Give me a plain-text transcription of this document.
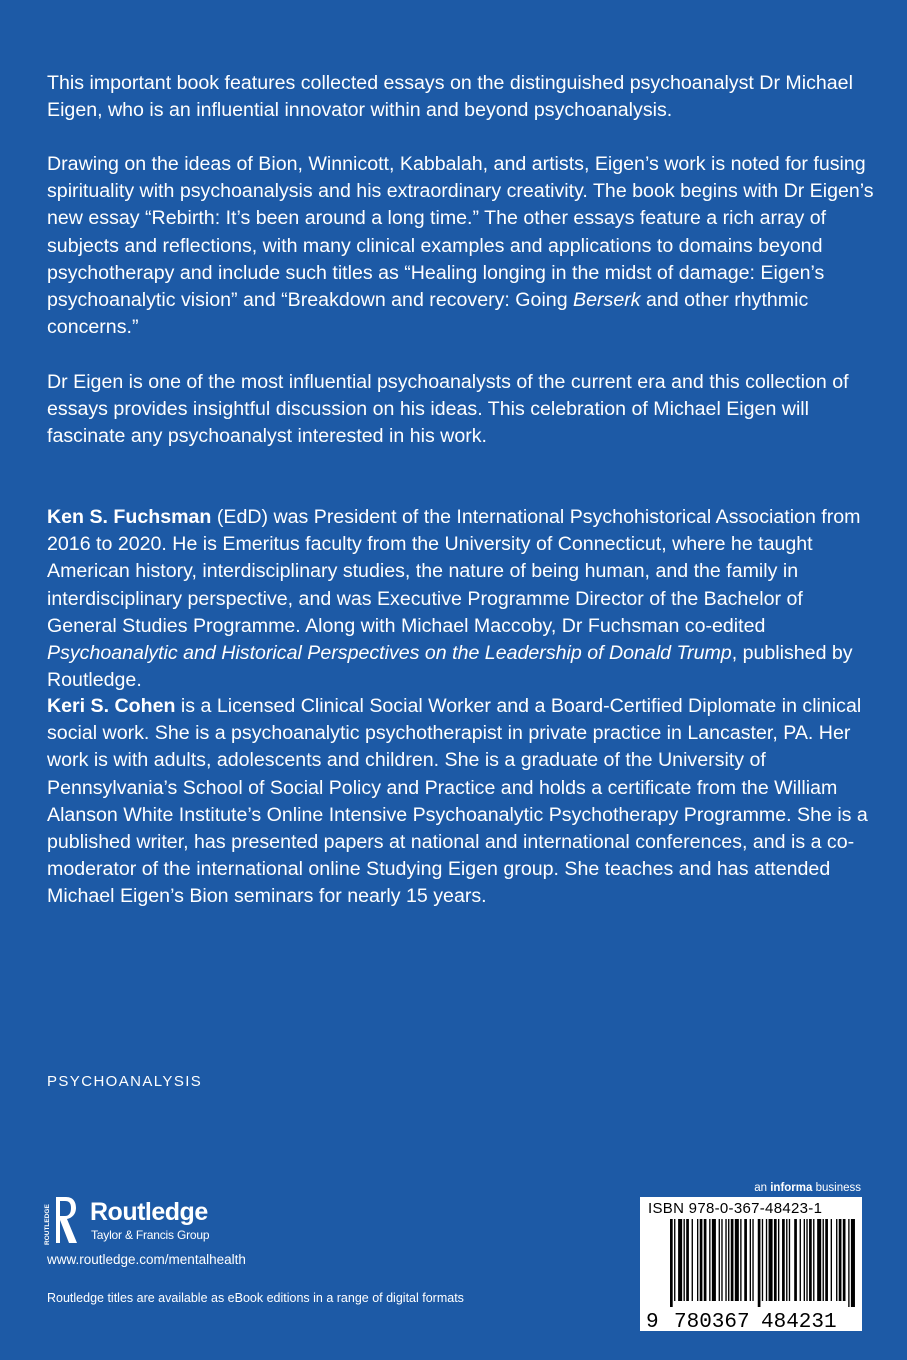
This important book features collected essays on the distinguished psychoanalyst Dr Michael Eigen, who is an influential innovator within and beyond psychoanalysis.

Drawing on the ideas of Bion, Winnicott, Kabbalah, and artists, Eigen’s work is noted for fusing spirituality with psychoanalysis and his extraordinary creativity. The book begins with Dr Eigen’s new essay “Rebirth: It’s been around a long time.” The other essays feature a rich array of subjects and reflections, with many clinical examples and applications to domains beyond psychotherapy and include such titles as “Healing longing in the midst of damage: Eigen’s psychoanalytic vision” and “Breakdown and recovery: Going Berserk and other rhythmic concerns.”

Dr Eigen is one of the most influential psychoanalysts of the current era and this collection of essays provides insightful discussion on his ideas. This celebration of Michael Eigen will fascinate any psychoanalyst interested in his work.

Ken S. Fuchsman (EdD) was President of the International Psychohistorical Association from 2016 to 2020. He is Emeritus faculty from the University of Connecticut, where he taught American history, interdisciplinary studies, the nature of being human, and the family in interdisciplinary perspective, and was Executive Programme Director of the Bachelor of General Studies Programme. Along with Michael Maccoby, Dr Fuchsman co-edited Psychoanalytic and Historical Perspectives on the Leadership of Donald Trump, published by Routledge.

Keri S. Cohen is a Licensed Clinical Social Worker and a Board-Certified Diplomate in clinical social work. She is a psychoanalytic psychotherapist in private practice in Lancaster, PA. Her work is with adults, adolescents and children. She is a graduate of the University of Pennsylvania’s School of Social Policy and Practice and holds a certificate from the William Alanson White Institute’s Online Intensive Psychoanalytic Psychotherapy Programme. She is a published writer, has presented papers at national and international conferences, and is a co-moderator of the international online Studying Eigen group. She teaches and has attended Michael Eigen’s Bion seminars for nearly 15 years.

PSYCHOANALYSIS
ROUTLEDGE Routledge
Taylor & Francis Group
www.routledge.com/mentalhealth
Routledge titles are available as eBook editions in a range of digital formats
an informa business
ISBN 978-0-367-48423-1
9 780367 484231
